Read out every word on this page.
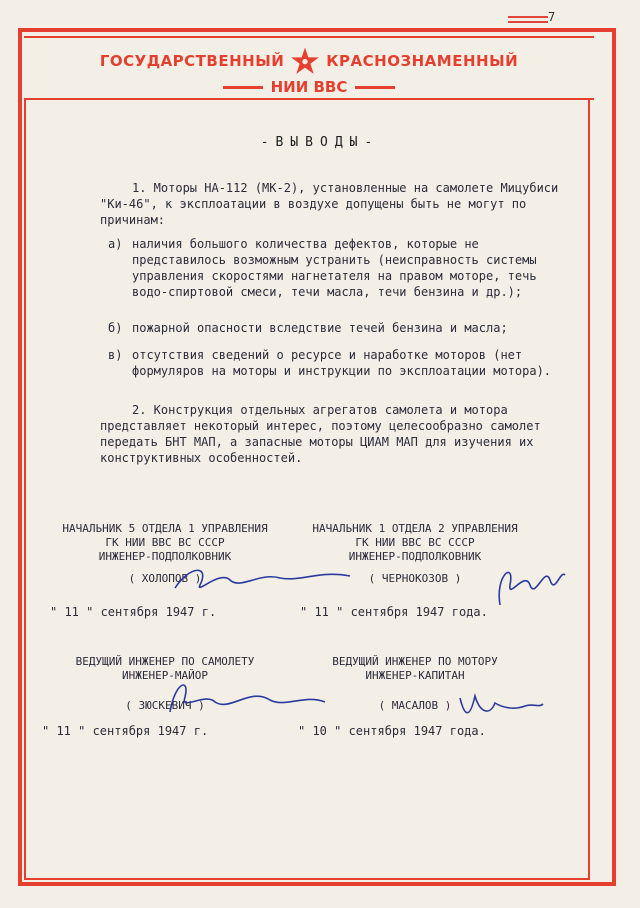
7
ГОСУДАРСТВЕННЫЙ	КРАСНОЗНАМЕННЫЙ
НИИ ВВС
-ВЫВОДЫ-
1. Моторы НА-112 (МК-2), установленные на самолете Мицубиси "Ки-46", к эксплоатации в воздухе допущены быть не могут по причинам:
а) наличия большого количества дефектов, которые не представилось возможным устранить (неисправность системы управления скоростями нагнетателя на правом моторе, течь водо-спиртовой смеси, течи масла, течи бензина и др.);
б) пожарной опасности вследствие течей бензина и масла;
в) отсутствия сведений о ресурсе и наработке моторов (нет формуляров на моторы и инструкции по эксплоатации мотора).
2. Конструкция отдельных агрегатов самолета и мотора представляет некоторый интерес, поэтому целесообразно самолет передать БНТ МАП, а запасные моторы ЦИАМ МАП для изучения их конструктивных особенностей.
НАЧАЛЬНИК 5 ОТДЕЛА 1 УПРАВЛЕНИЯ
ГК НИИ ВВС ВС СССР
ИНЖЕНЕР-ПОДПОЛКОВНИК
( ХОЛОПОВ )
" 11 " сентября 1947 г.
НАЧАЛЬНИК 1 ОТДЕЛА 2 УПРАВЛЕНИЯ
ГК НИИ ВВС ВС СССР
ИНЖЕНЕР-ПОДПОЛКОВНИК
( ЧЕРНОКОЗОВ )
" 11 " сентября 1947 года.
ВЕДУЩИЙ ИНЖЕНЕР ПО САМОЛЕТУ
ИНЖЕНЕР-МАЙОР
( ЗЮСКЕВИЧ )
" 11 " сентября 1947 г.
ВЕДУЩИЙ ИНЖЕНЕР ПО МОТОРУ
ИНЖЕНЕР-КАПИТАН
( МАСАЛОВ )
" 10 " сентября 1947 года.
